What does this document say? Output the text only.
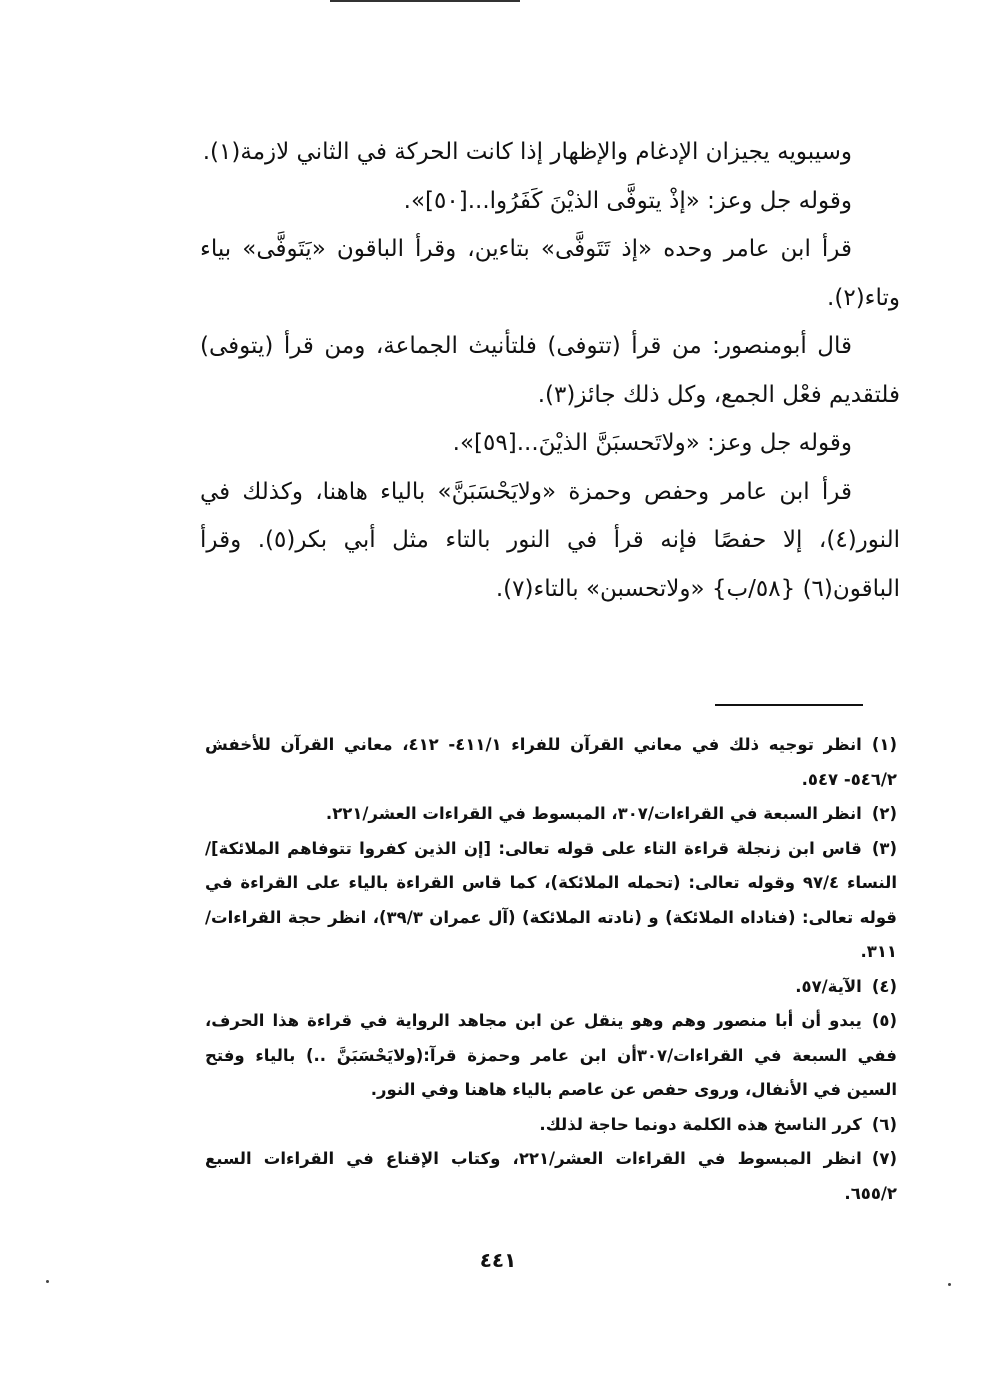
وسيبويه يجيزان الإدغام والإظهار إذا كانت الحركة في الثاني لازمة(١).

وقوله جل وعز: «إذْ يتوفَّى الذيْنَ كَفَرُوا...[٥٠]».

قرأ ابن عامر وحده «إذ تَتَوفَّى» بتاءين، وقرأ الباقون «يَتَوفَّى» بياء وتاء(٢).

قال أبومنصور: من قرأ (تتوفى) فلتأنيث الجماعة، ومن قرأ (يتوفى) فلتقديم فعْل الجمع، وكل ذلك جائز(٣).

وقوله جل وعز: «ولاتَحسبَنَّ الذيْنَ...[٥٩]».

قرأ ابن عامر وحفص وحمزة «ولايَحْسَبَنَّ» بالياء هاهنا، وكذلك في النور(٤)، إلا حفصًا فإنه قرأ في النور بالتاء مثل أبي بكر(٥). وقرأ الباقون(٦) {٥٨/ب} «ولاتحسبن» بالتاء(٧).

(١)انظر توجيه ذلك في معاني القرآن للفراء ٤١١/١- ٤١٢، معاني القرآن للأخفش ٥٤٦/٢- ٥٤٧.

(٢)انظر السبعة في القراءات/٣٠٧، المبسوط في القراءات العشر/٢٢١.

(٣)قاس ابن زنجلة قراءة التاء على قوله تعالى: [إن الذين كفروا تتوفاهم الملائكة]/النساء ٩٧/٤ وقوله تعالى: (تحمله الملائكة)، كما قاس القراءة بالياء على القراءة في قوله تعالى: (فناداه الملائكة) و (نادته الملائكة) (آل عمران ٣٩/٣)، انظر حجة القراءات/٣١١.

(٤)الآية/٥٧.

(٥)يبدو أن أبا منصور وهم وهو ينقل عن ابن مجاهد الرواية في قراءة هذا الحرف، ففي السبعة في القراءات/٣٠٧أن ابن عامر وحمزة قرآ:(ولايَحْسَبَنَّ ..) بالياء وفتح السين في الأنفال، وروى حفص عن عاصم بالياء هاهنا وفي النور.

(٦)كرر الناسخ هذه الكلمة دونما حاجة لذلك.

(٧)انظر المبسوط في القراءات العشر/٢٢١، وكتاب الإقناع في القراءات السبع ٦٥٥/٢.

٤٤١
